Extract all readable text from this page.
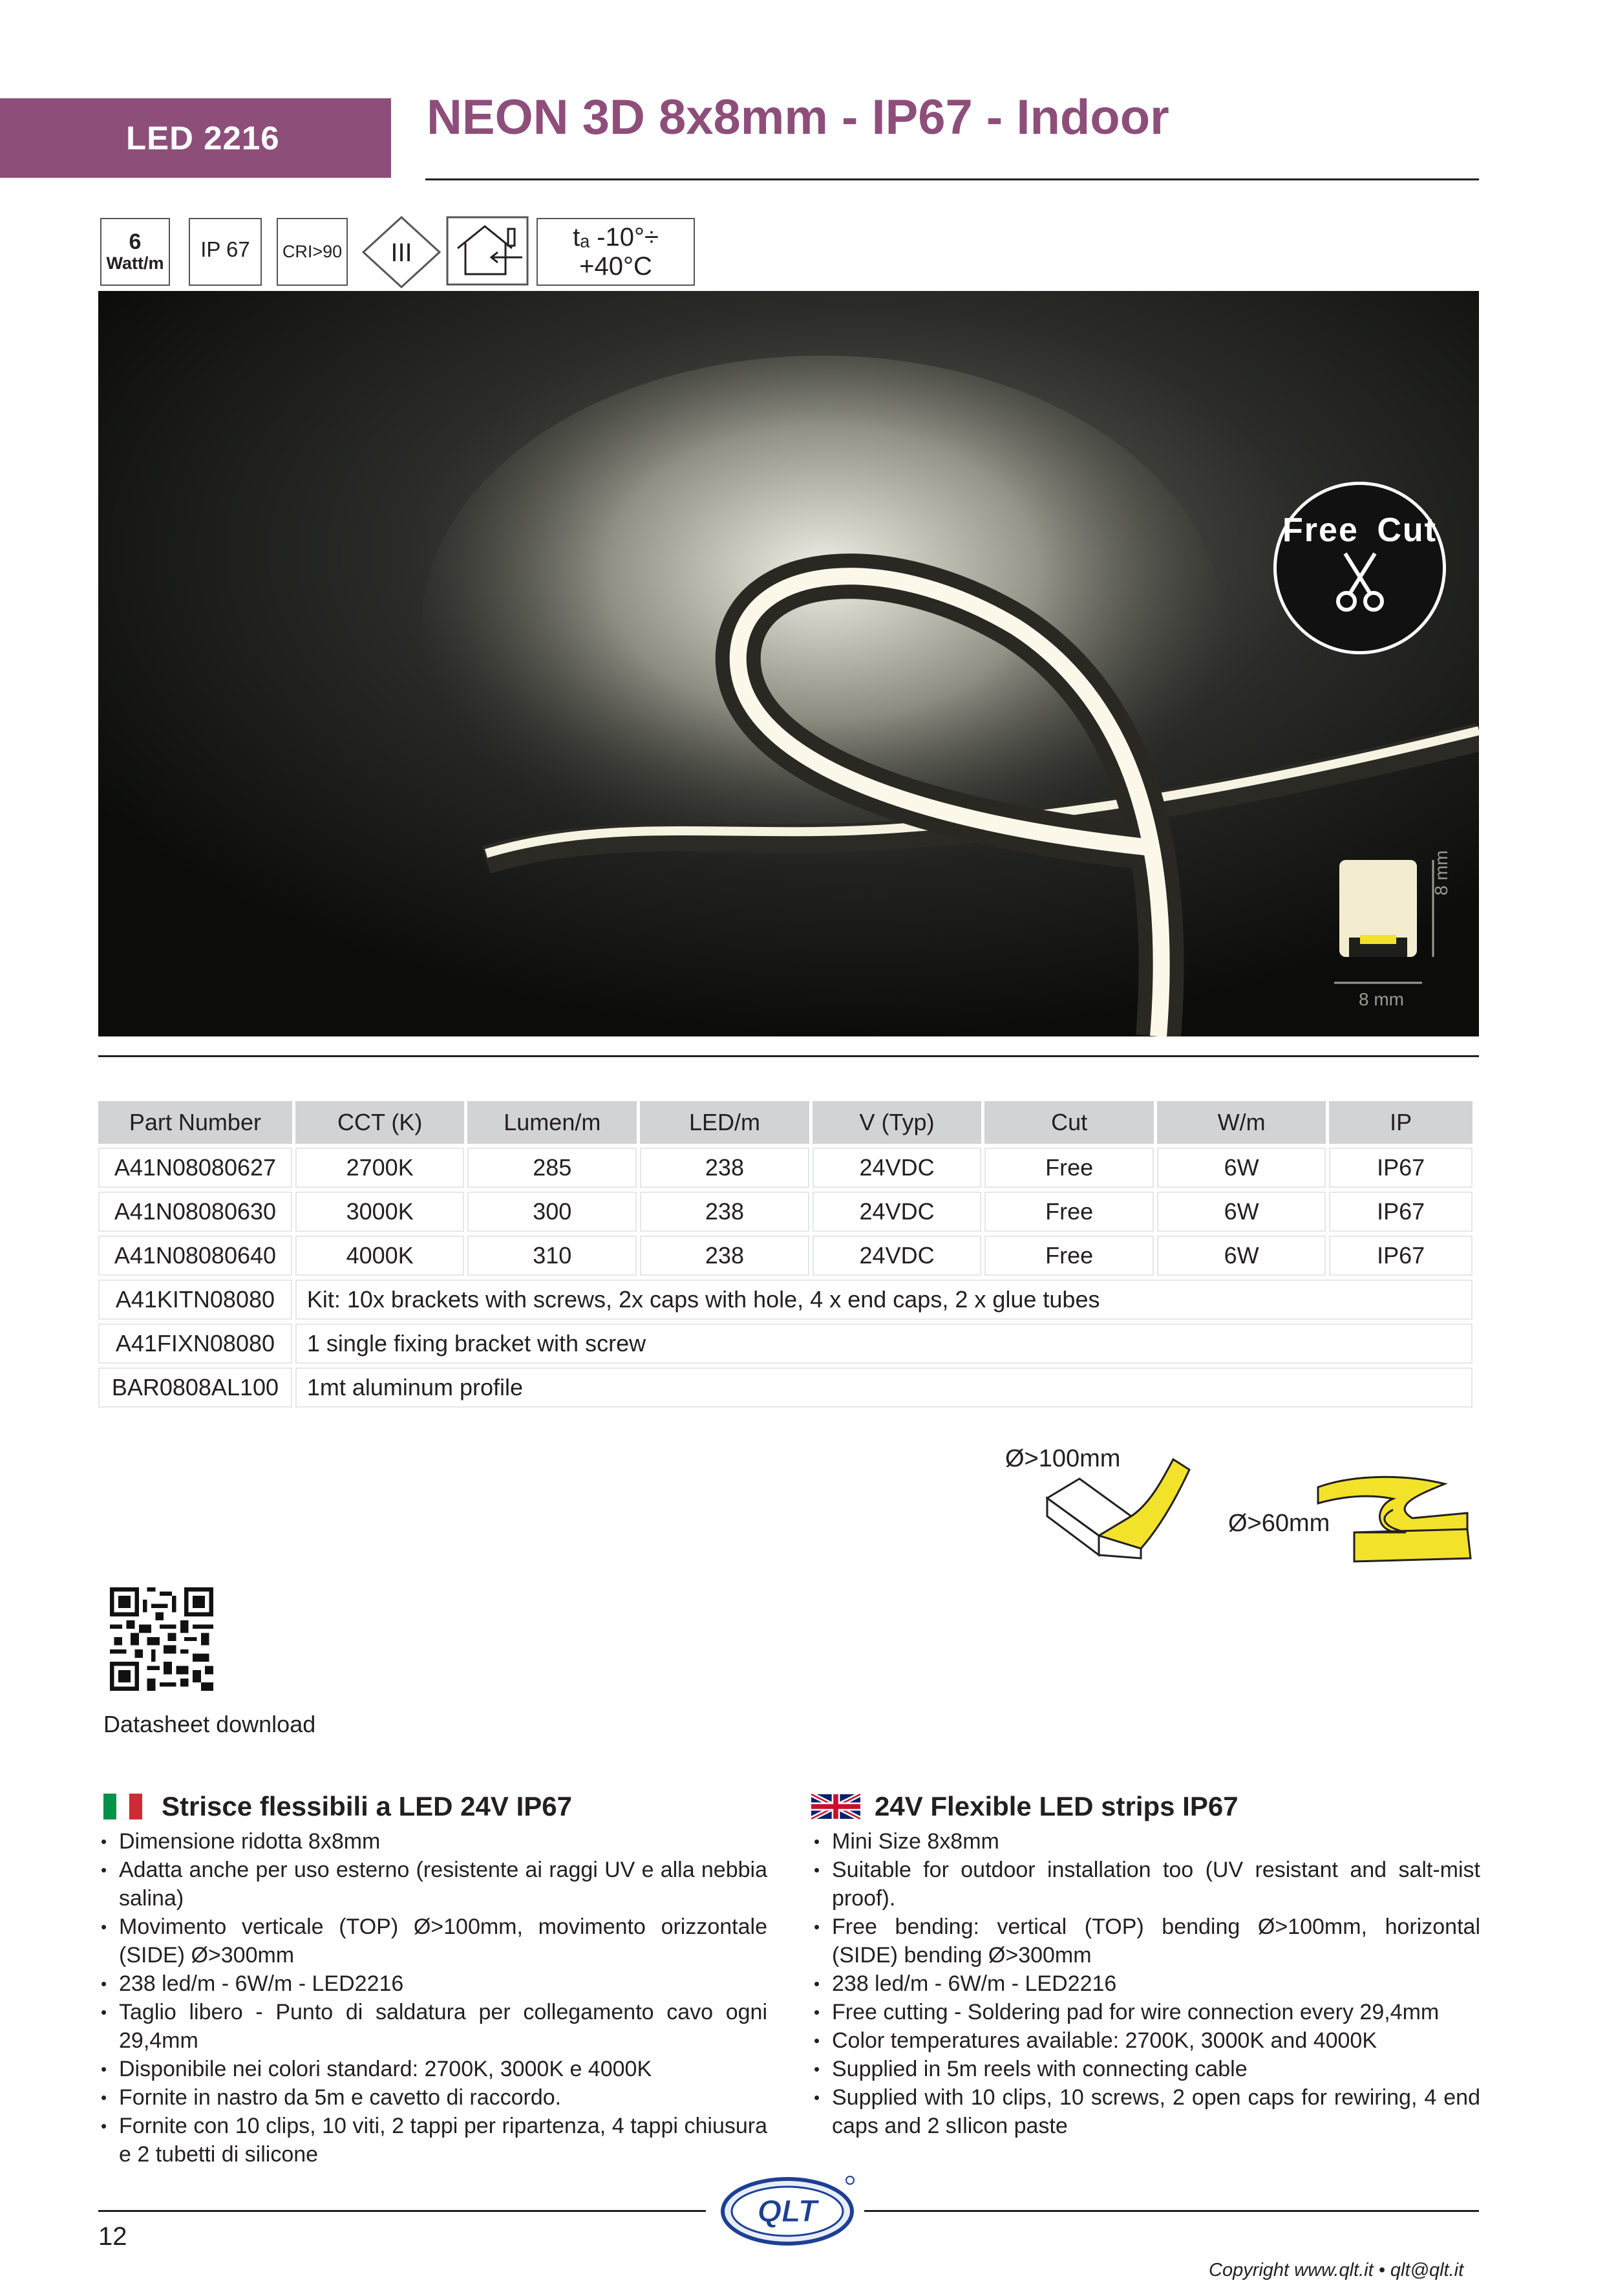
LED 2216	NEON 3D 8x8mm - IP67 - Indoor
6
Watt/m
IP 67	CRI>90 III
tₐ -10°÷ +40°C
8 mm
8 mm
Free Cut
Part Number	CCT (K)	Lumen/m	LED/m	V (Typ)	Cut	W/m	IP
A41N08080627	2700K	285	238	24VDC	Free	6W	IP67
A41N08080630	3000K	300	238	24VDC	Free	6W	IP67
A41N08080640	4000K	310	238	24VDC	Free	6W	IP67
A41KITN08080	Kit: 10x brackets with screws, 2x caps with hole, 4 x end caps, 2 x glue tubes						
A41FIXN08080	1 single fixing bracket with screw						
BAR0808AL100	1mt aluminum profile						
Ø>100mm
Ø>60mm
Datasheet download
Strisce flessibili a LED 24V IP67
• Dimensione ridotta 8x8mm
• Adatta anche per uso esterno (resistente ai raggi UV e alla nebbia salina)
• Movimento verticale (TOP) Ø>100mm, movimento orizzontale (SIDE) Ø>300mm
• 238 led/m - 6W/m - LED2216
• Taglio libero - Punto di saldatura per collegamento cavo ogni 29,4mm
• Disponibile nei colori standard: 2700K, 3000K e 4000K
• Fornite in nastro da 5m e cavetto di raccordo.
• Fornite con 10 clips, 10 viti, 2 tappi per ripartenza, 4 tappi chiusura e 2 tubetti di silicone
24V Flexible LED strips IP67
• Mini Size 8x8mm
• Suitable for outdoor installation too (UV resistant and salt-mist proof).
• Free bending: vertical (TOP) bending Ø>100mm, horizontal (SIDE) bending Ø>300mm
• 238 led/m - 6W/m - LED2216
• Free cutting - Soldering pad for wire connection every 29,4mm
• Color temperatures available: 2700K, 3000K and 4000K
• Supplied in 5m reels with connecting cable
• Supplied with 10 clips, 10 screws, 2 open caps for rewiring, 4 end caps and 2 sIlicon paste
QLT
12
Copyright www.qlt.it • qlt@qlt.it
